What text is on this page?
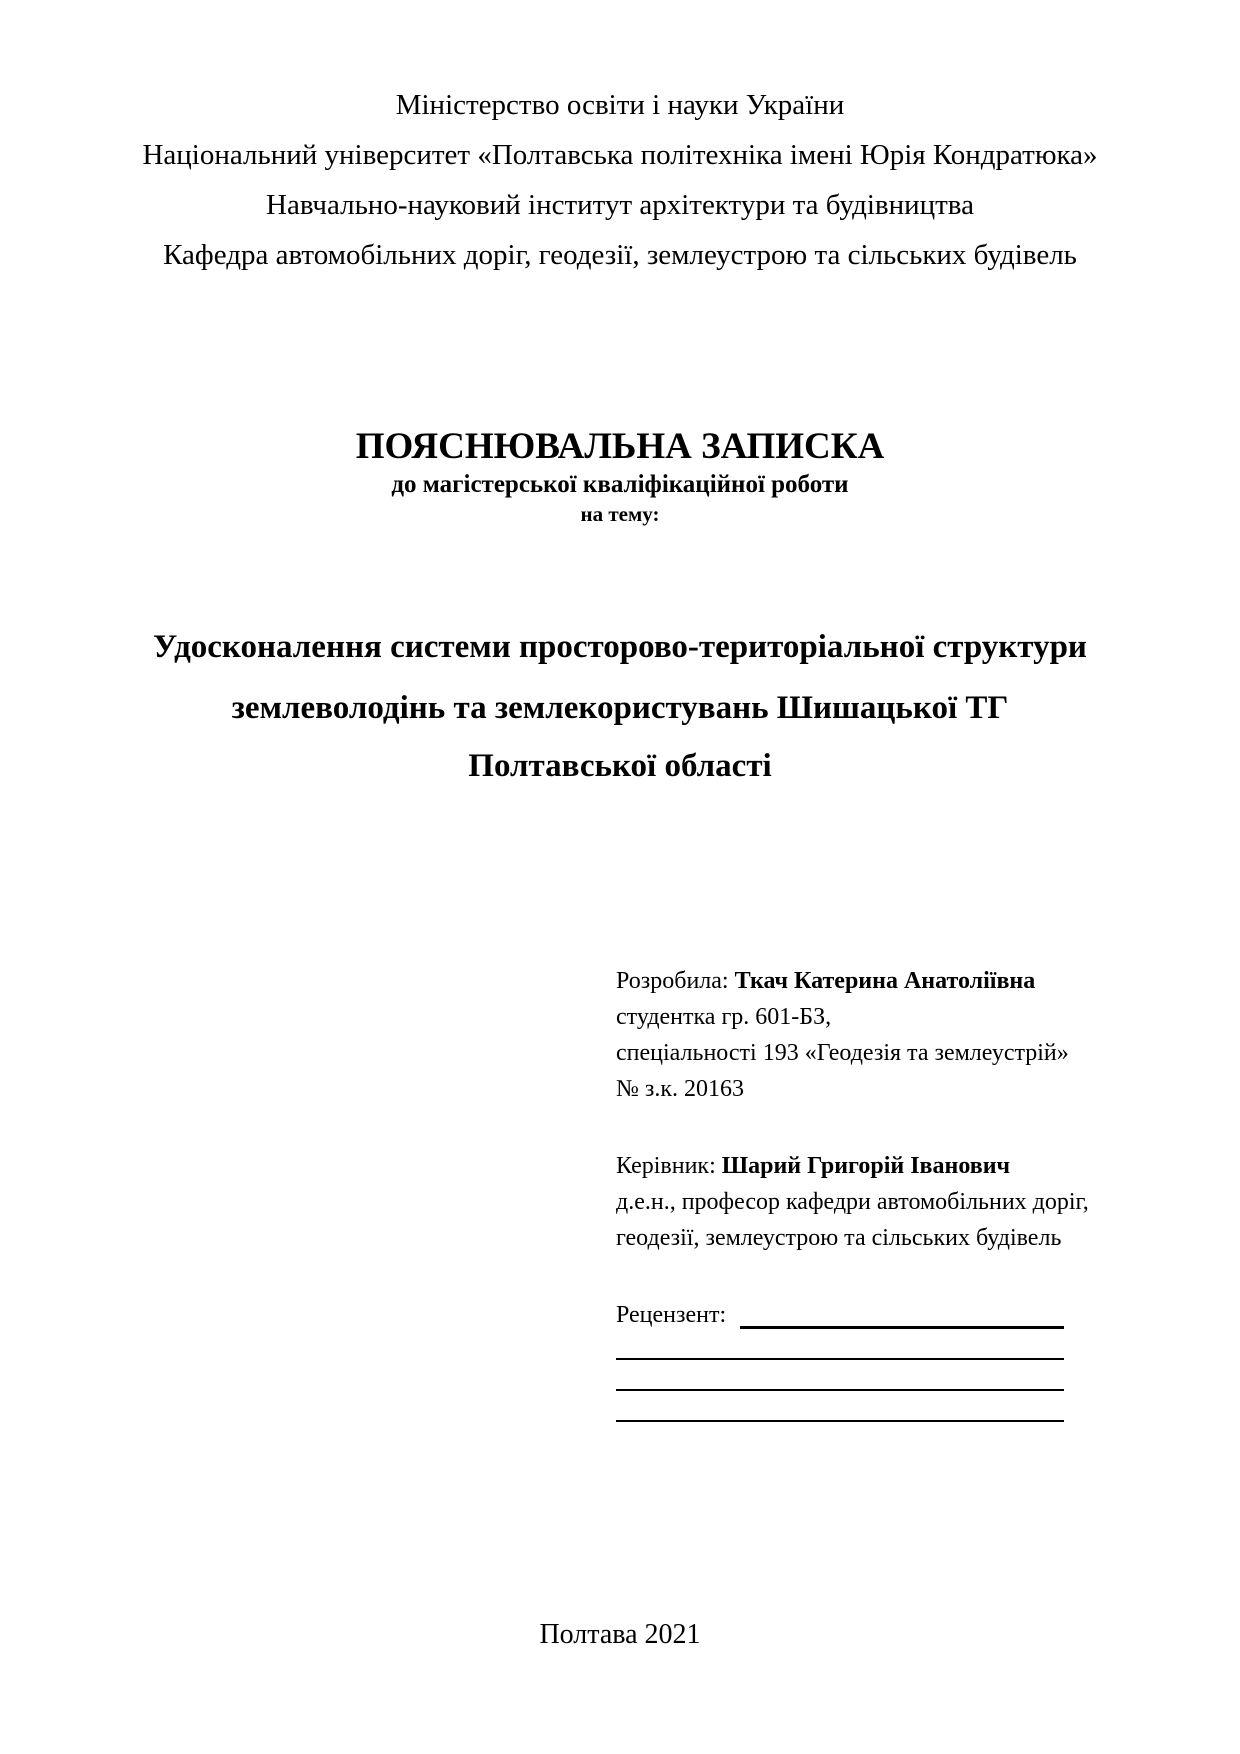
Міністерство освіти і науки України
Національний університет «Полтавська політехніка імені Юрія Кондратюка»
Навчально-науковий інститут архітектури та будівництва
Кафедра автомобільних доріг, геодезії, землеустрою та сільських будівель
ПОЯСНЮВАЛЬНА ЗАПИСКА
до магістерської кваліфікаційної роботи
на тему:
Удосконалення системи просторово-територіальної структури
землеволодінь та землекористувань Шишацької ТГ
Полтавської області
Розробила: Ткач Катерина Анатоліївна
студентка гр. 601-БЗ,
спеціальності 193 «Геодезія та землеустрій»
№ з.к. 20163
Керівник: Шарий Григорій Іванович
д.е.н., професор кафедри автомобільних доріг,
геодезії, землеустрою та сільських будівель
Рецензент:
Полтава 2021
